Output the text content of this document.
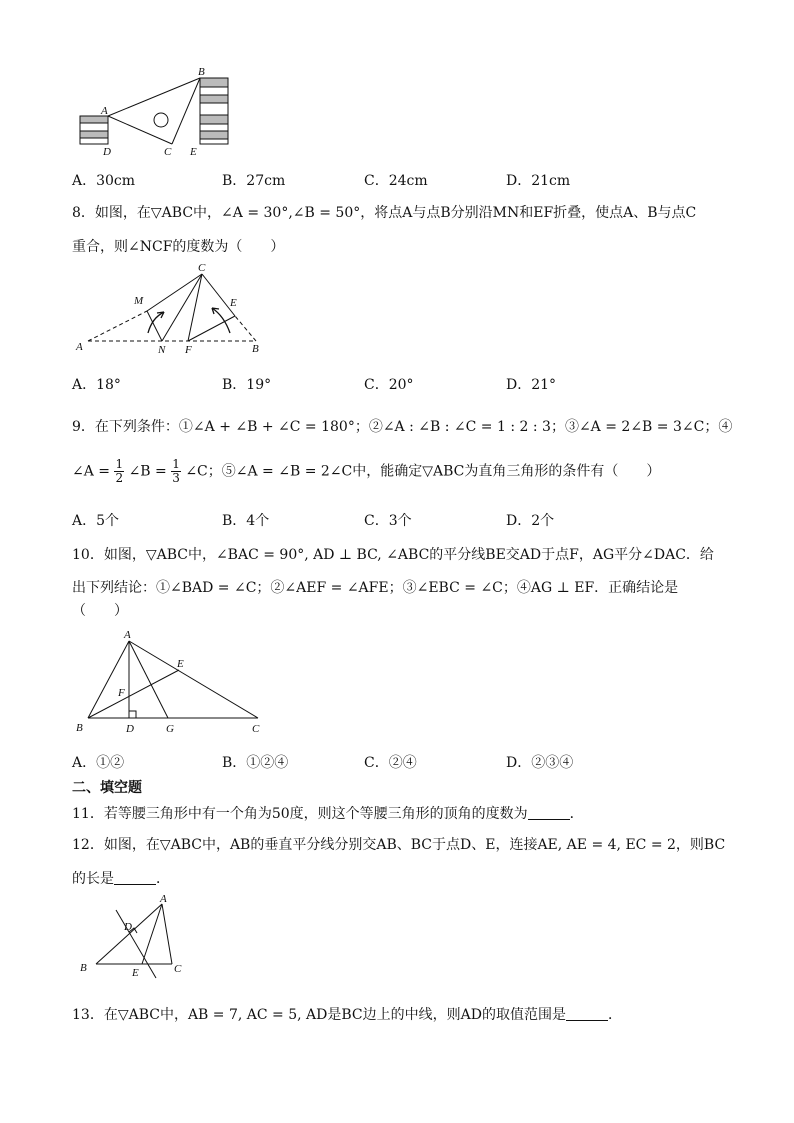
A
B
D	C E
A．30cm	B．27cm	C．24cm	D．21cm
8．如图，在▽ABC中，∠A = 30°,∠B = 50°，将点A与点B分别沿MN和EF折叠，使点A、B与点C
重合，则∠NCF的度数为（　　）
A	B
C
M
N F
E
A．18°	B．19°	C．20°	D．21°
9．在下列条件：①∠A + ∠B + ∠C = 180°；②∠A : ∠B : ∠C = 1 : 2 : 3；③∠A = 2∠B = 3∠C；④
∠A = $\frac{1}{2}$ ∠B = $\frac{1}{3}$ ∠C；⑤∠A = ∠B = 2∠C中，能确定▽ABC为直角三角形的条件有（　　）
A．5个	B．4个	C．3个	D．2个
10．如图，▽ABC中，∠BAC = 90°, AD ⊥ BC, ∠ABC的平分线BE交AD于点F，AG平分∠DAC．给
出下列结论：①∠BAD = ∠C；②∠AEF = ∠AFE；③∠EBC = ∠C；④AG ⊥ EF．正确结论是
（　　）
A
B	C
D
E
F
G
A．①②	B．①②④	C．②④	D．②③④
二、填空题
11．若等腰三角形中有一个角为50度，则这个等腰三角形的顶角的度数为	．
12．如图，在▽ABC中，AB的垂直平分线分别交AB、BC于点D、E，连接AE, AE = 4, EC = 2，则BC
的长是	．
A
B	C
D
E
13．在▽ABC中，AB = 7, AC = 5, AD是BC边上的中线，则AD的取值范围是	．
